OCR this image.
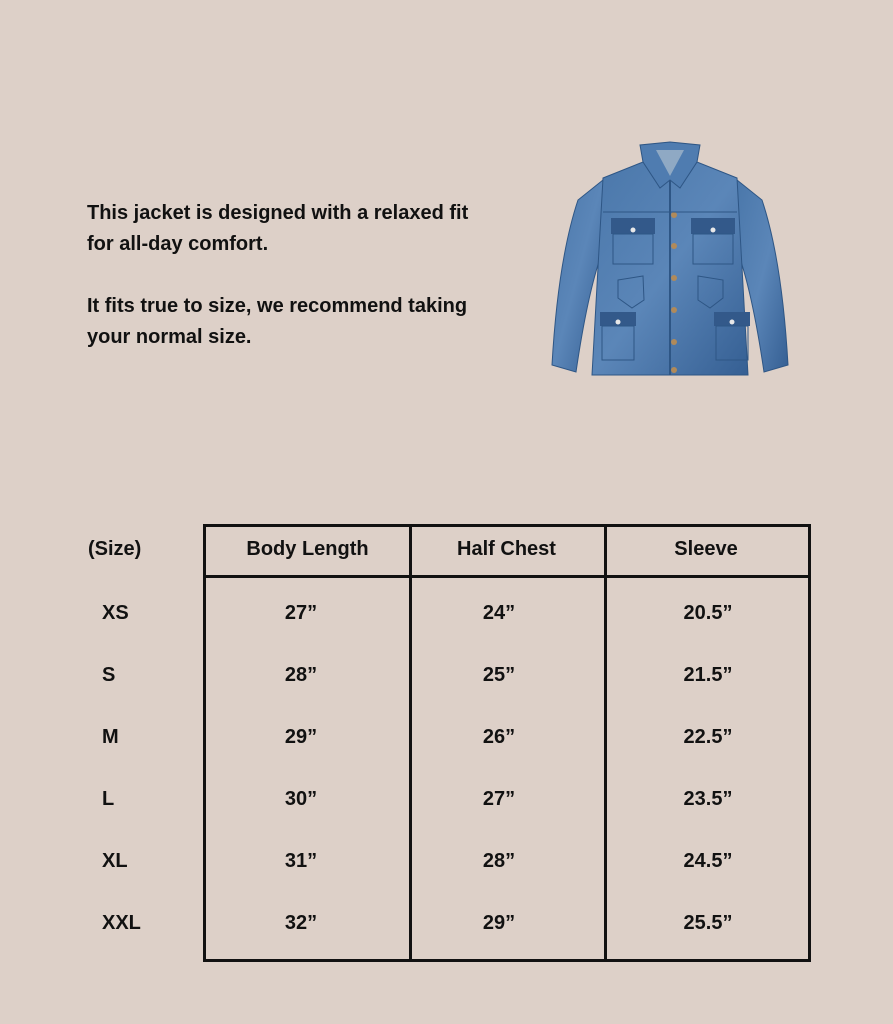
This jacket is designed with a relaxed fit for all-day comfort.

It fits true to size, we recommend taking your normal size.

(Size)	Body Length	Half Chest	Sleeve
XS	27”	24”	20.5”
S	28”	25”	21.5”
M	29”	26”	22.5”
L	30”	27”	23.5”
XL	31”	28”	24.5”
XXL	32”	29”	25.5”
